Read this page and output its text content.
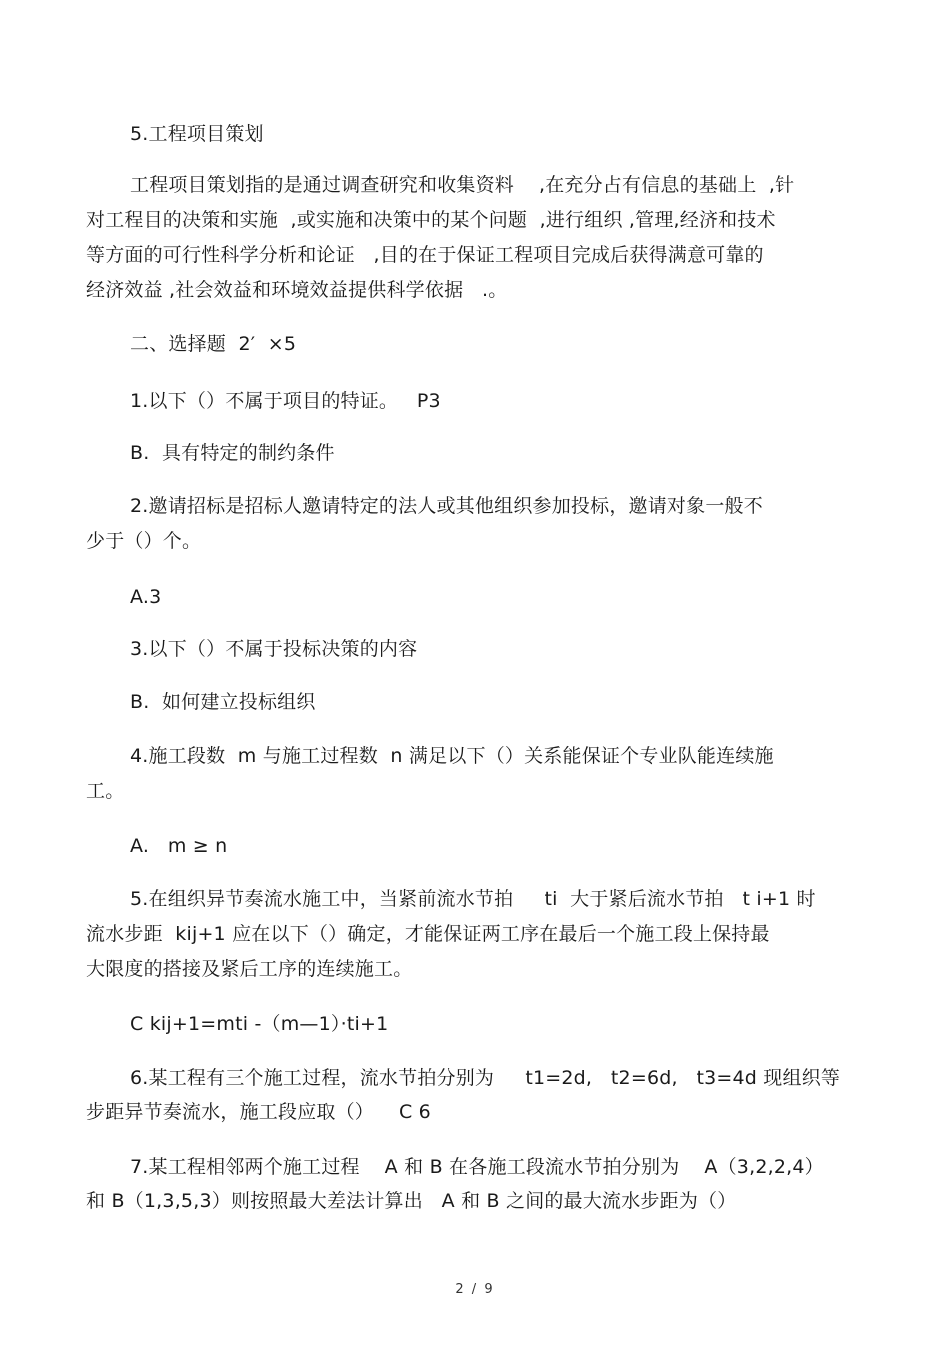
5.工程项目策划
工程项目策划指的是通过调查研究和收集资料    ,在充分占有信息的基础上  ,针
对工程目的决策和实施  ,或实施和决策中的某个问题  ,进行组织 ,管理,经济和技术
等方面的可行性科学分析和论证   ,目的在于保证工程项目完成后获得满意可靠的
经济效益 ,社会效益和环境效益提供科学依据   .。
二、选择题  2′  ×5
1.以下（）不属于项目的特证。   P3
B.  具有特定的制约条件
2.邀请招标是招标人邀请特定的法人或其他组织参加投标，邀请对象一般不
少于（）个。
A.3
3.以下（）不属于投标决策的内容
B.  如何建立投标组织
4.施工段数  m 与施工过程数  n 满足以下（）关系能保证个专业队能连续施
工。
A.   m ≥ n
5.在组织异节奏流水施工中，当紧前流水节拍     ti  大于紧后流水节拍   t i+1 时
流水步距  kij+1 应在以下（）确定，才能保证两工序在最后一个施工段上保持最
大限度的搭接及紧后工序的连续施工。
C kij+1=mti -（m—1）·ti+1
6.某工程有三个施工过程，流水节拍分别为     t1=2d,   t2=6d,   t3=4d 现组织等
步距异节奏流水，施工段应取（）    C 6
7.某工程相邻两个施工过程    A 和 B 在各施工段流水节拍分别为    A（3,2,2,4）
和 B（1,3,5,3）则按照最大差法计算出   A 和 B 之间的最大流水步距为（）
2 / 9
